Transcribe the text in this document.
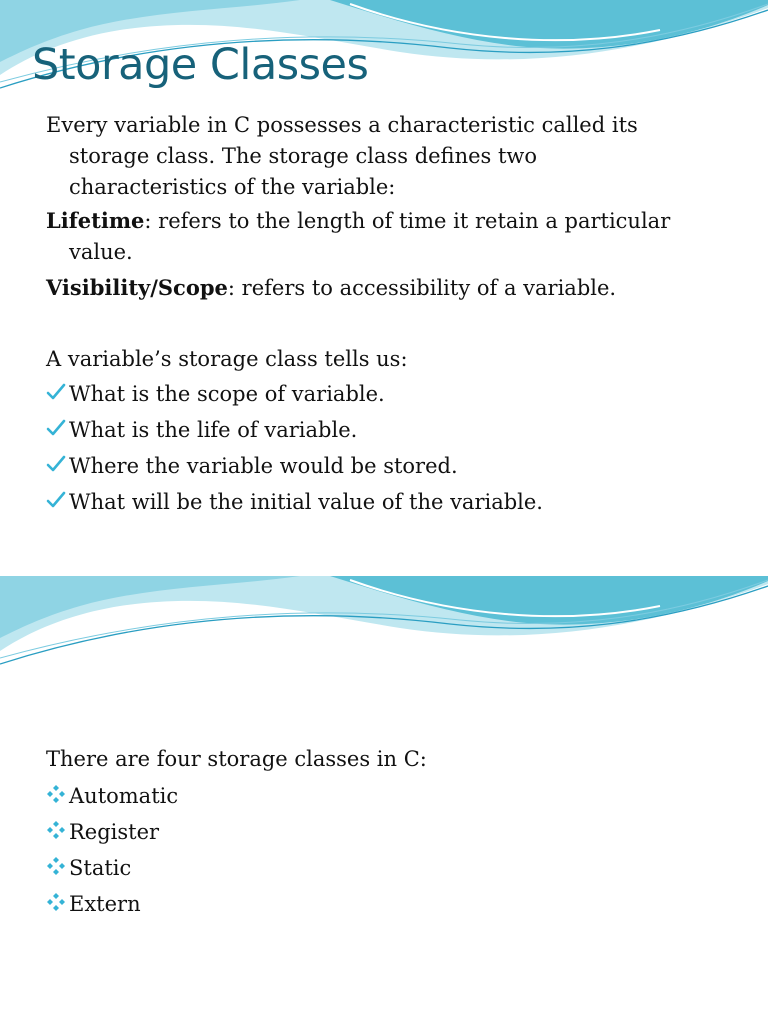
Storage Classes

Every variable in C possesses a characteristic called its storage class. The storage class defines two characteristics of the variable:

Lifetime: refers to the length of time it retain a particular value.

Visibility/Scope: refers to accessibility of a variable.

A variable’s storage class tells us:

What is the scope of variable.
What is the life of variable.
Where the variable would be stored.
What will be the initial value of the variable.

There are four storage classes in C:

Automatic
Register
Static
Extern
